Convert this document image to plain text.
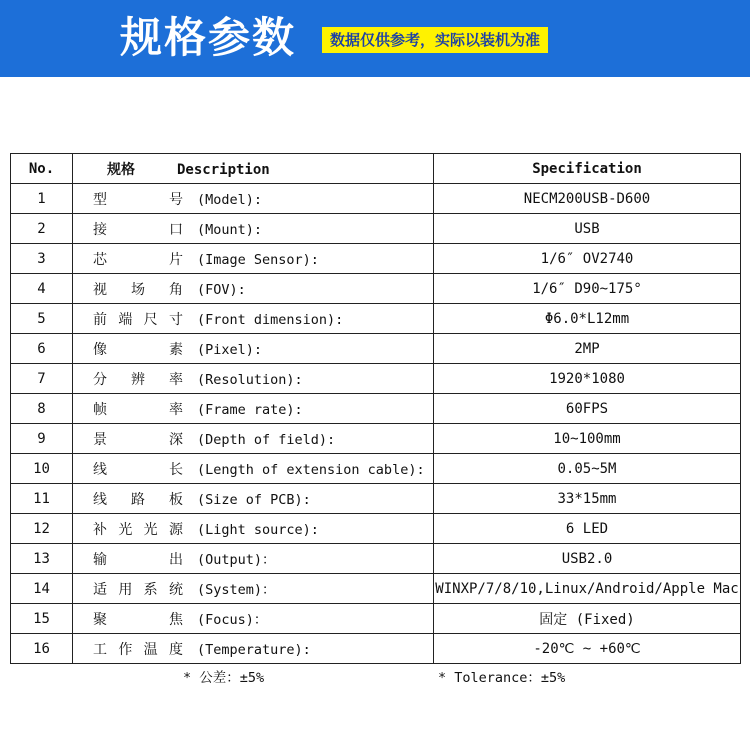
规格参数	数据仅供参考，实际以装机为准
No.	规格 Description	Specification
1	型号 (Model):	NECM200USB-D600
2	接口 (Mount):	USB
3	芯片 (Image Sensor):	1/6″ OV2740
4	视场角 (FOV):	1/6″ D90~175°
5	前端尺寸 (Front dimension):	Φ6.0*L12mm
6	像素 (Pixel):	2MP
7	分辨率 (Resolution):	1920*1080
8	帧率 (Frame rate):	60FPS
9	景深 (Depth of field):	10~100mm
10	线长 (Length of extension cable):	0.05~5M
11	线路板 (Size of PCB):	33*15mm
12	补光光源 (Light source):	6 LED
13	输出 (Output)：	USB2.0
14	适用系统 (System)：	WINXP/7/8/10,Linux/Android/Apple Mac
15	聚焦 (Focus)：	固定 (Fixed)
16	工作温度 (Temperature):	-20℃ ~ +60℃
* 公差：±5%	* Tolerance：±5%
